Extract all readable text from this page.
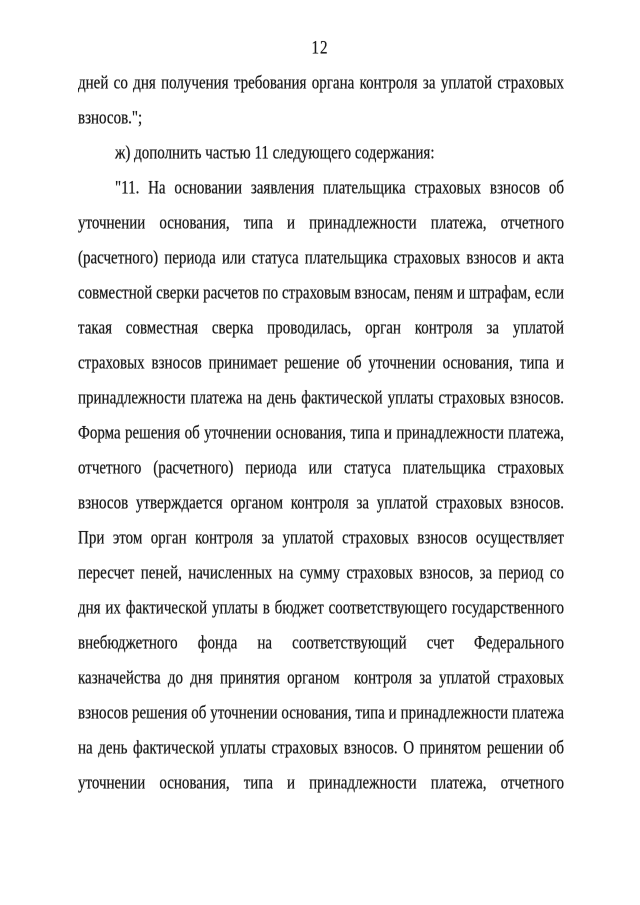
12
дней со дня получения требования органа контроля за уплатой страховых
взносов.";
ж) дополнить частью 11 следующего содержания:
"11. На основании заявления плательщика страховых взносов об
уточнении основания, типа и принадлежности платежа, отчетного
(расчетного) периода или статуса плательщика страховых взносов и акта
совместной сверки расчетов по страховым взносам, пеням и штрафам, если
такая совместная сверка проводилась, орган контроля за уплатой
страховых взносов принимает решение об уточнении основания, типа и
принадлежности платежа на день фактической уплаты страховых взносов.
Форма решения об уточнении основания, типа и принадлежности платежа,
отчетного (расчетного) периода или статуса плательщика страховых
взносов утверждается органом контроля за уплатой страховых взносов.
При этом орган контроля за уплатой страховых взносов осуществляет
пересчет пеней, начисленных на сумму страховых взносов, за период со
дня их фактической уплаты в бюджет соответствующего государственного
внебюджетного фонда на соответствующий счет Федерального
казначейства до дня принятия органом  контроля за уплатой страховых
взносов решения об уточнении основания, типа и принадлежности платежа
на день фактической уплаты страховых взносов. О принятом решении об
уточнении основания, типа и принадлежности платежа, отчетного
